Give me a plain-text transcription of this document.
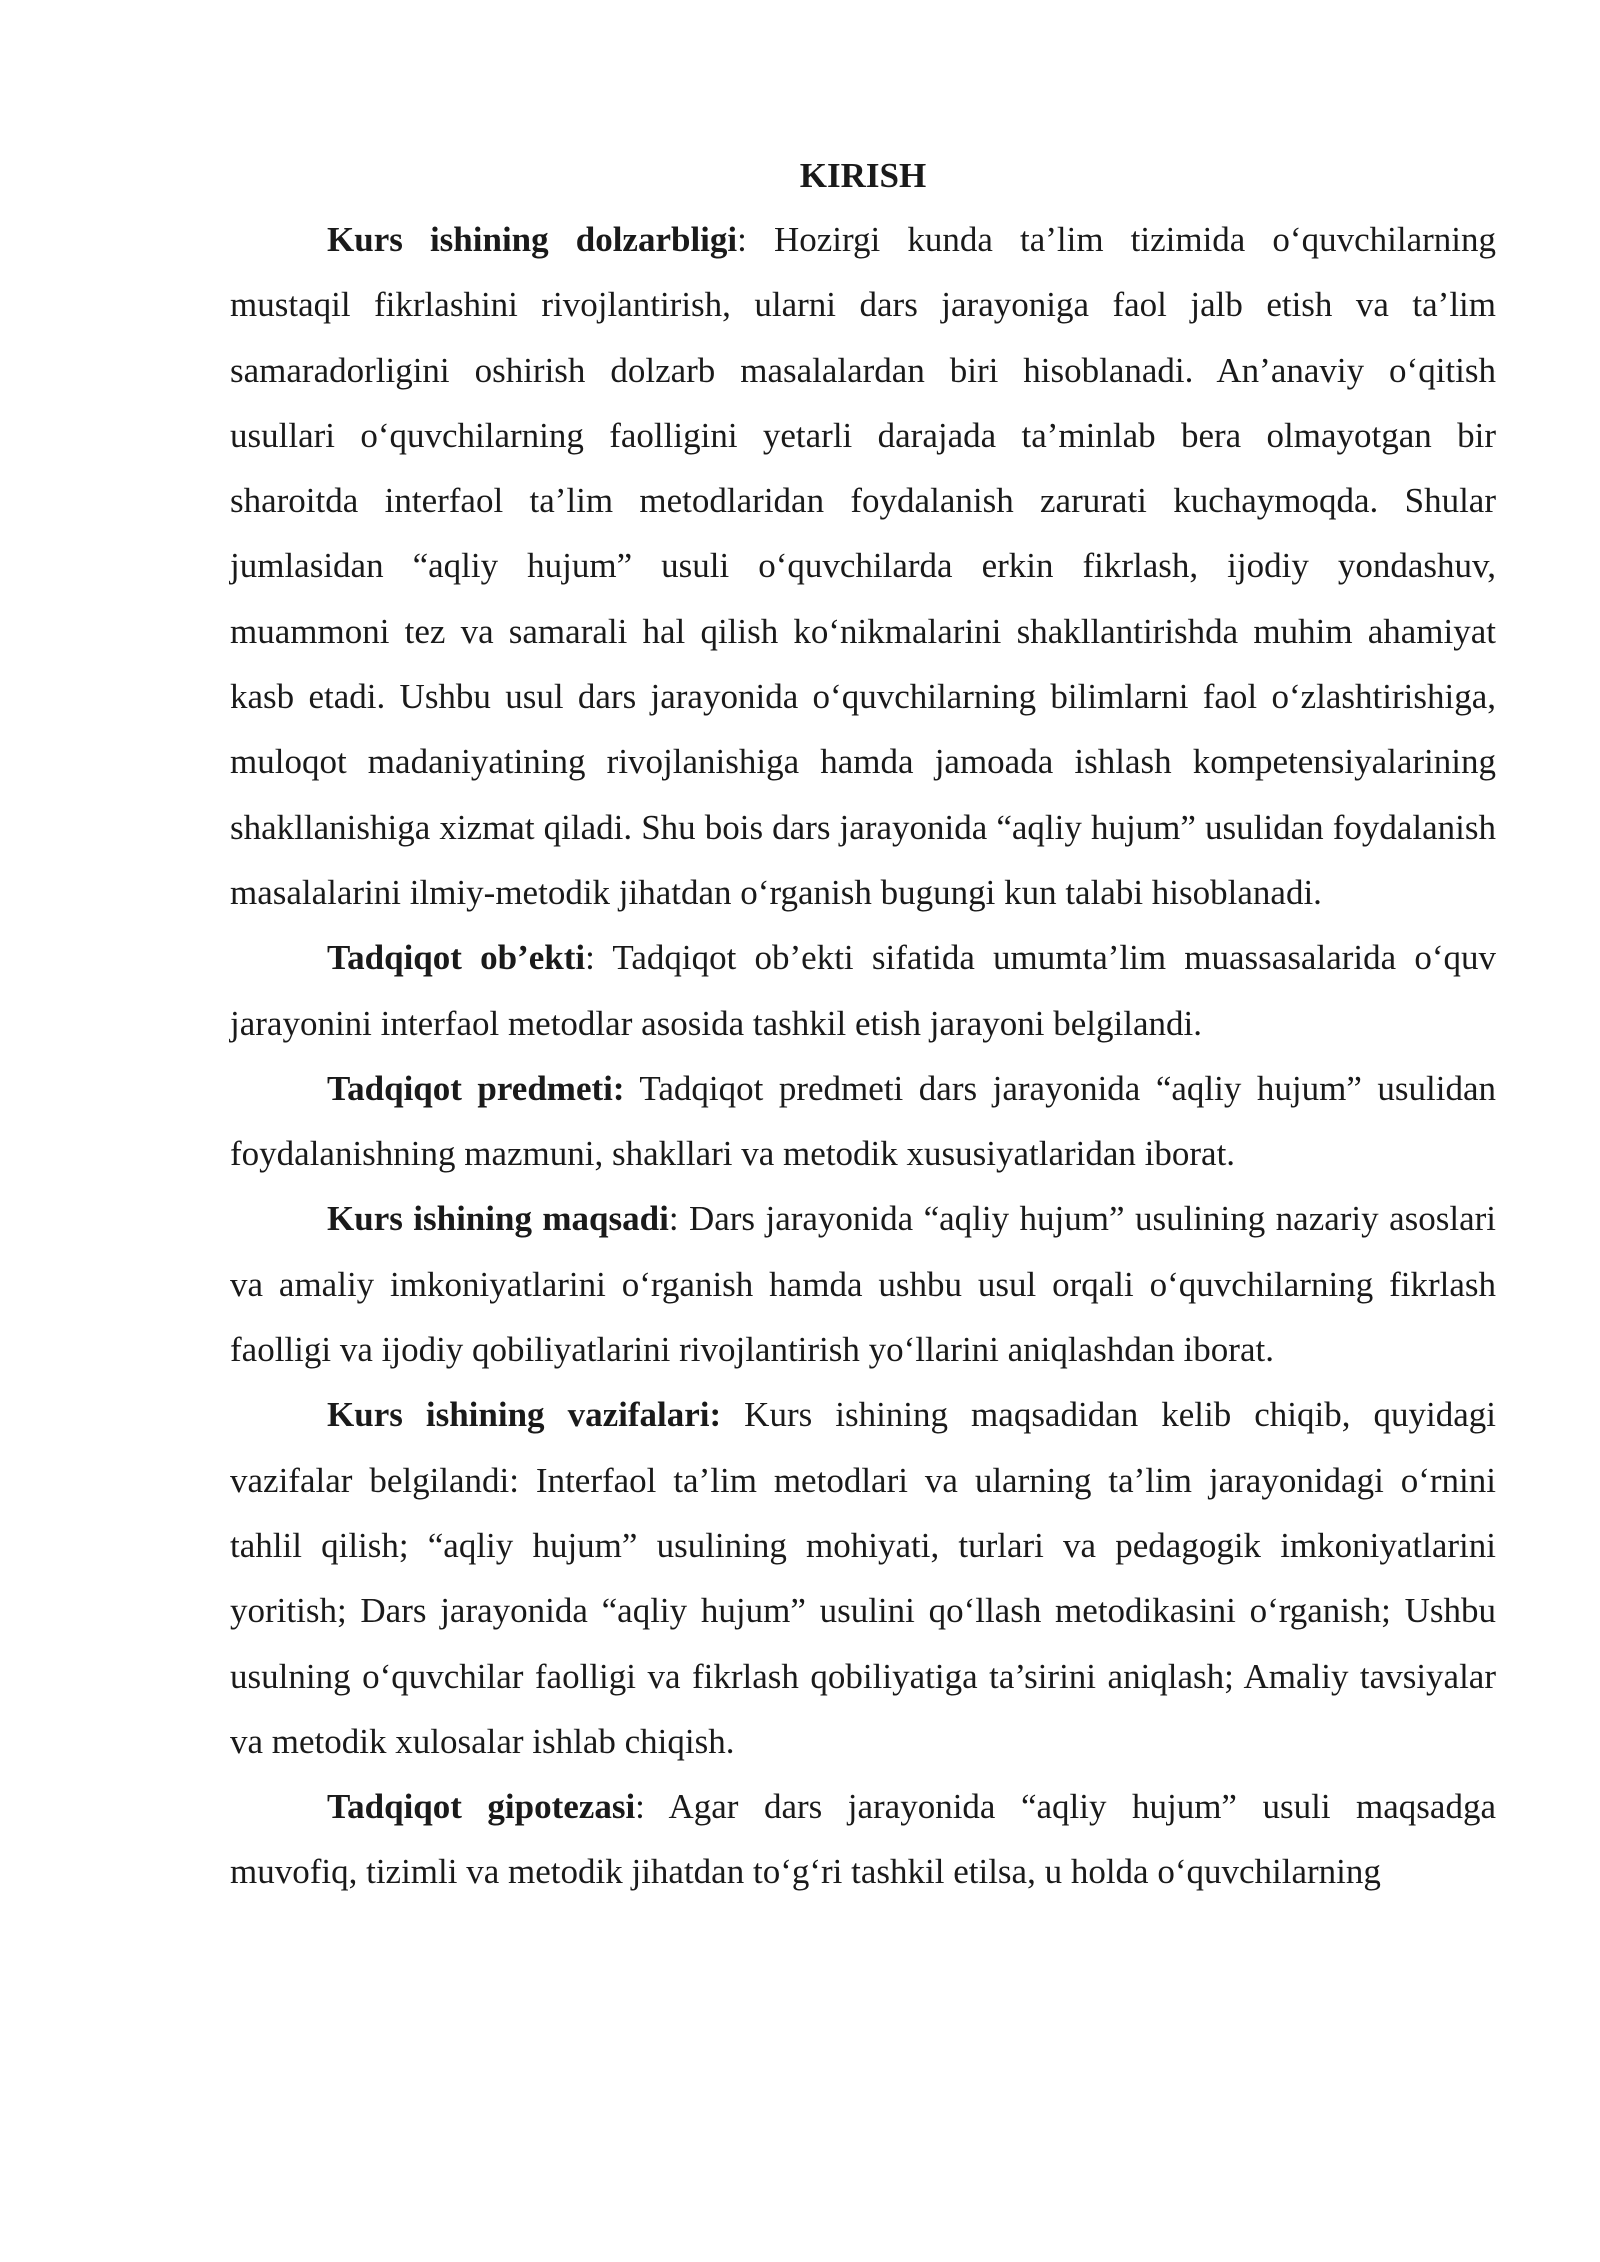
KIRISH

Kurs ishining dolzarbligi: Hozirgi kunda ta’lim tizimida o‘quvchilarning mustaqil fikrlashini rivojlantirish, ularni dars jarayoniga faol jalb etish va ta’lim samaradorligini oshirish dolzarb masalalardan biri hisoblanadi. An’anaviy o‘qitish usullari o‘quvchilarning faolligini yetarli darajada ta’minlab bera olmayotgan bir sharoitda interfaol ta’lim metodlaridan foydalanish zarurati kuchaymoqda. Shular jumlasidan “aqliy hujum” usuli o‘quvchilarda erkin fikrlash, ijodiy yondashuv, muammoni tez va samarali hal qilish ko‘nikmalarini shakllantirishda muhim ahamiyat kasb etadi. Ushbu usul dars jarayonida o‘quvchilarning bilimlarni faol o‘zlashtirishiga, muloqot madaniyatining rivojlanishiga hamda jamoada ishlash kompetensiyalarining shakllanishiga xizmat qiladi. Shu bois dars jarayonida “aqliy hujum” usulidan foydalanish masalalarini ilmiy-metodik jihatdan o‘rganish bugungi kun talabi hisoblanadi.

Tadqiqot ob’ekti: Tadqiqot ob’ekti sifatida umumta’lim muassasalarida o‘quv jarayonini interfaol metodlar asosida tashkil etish jarayoni belgilandi.

Tadqiqot predmeti: Tadqiqot predmeti dars jarayonida “aqliy hujum” usulidan foydalanishning mazmuni, shakllari va metodik xususiyatlaridan iborat.

Kurs ishining maqsadi: Dars jarayonida “aqliy hujum” usulining nazariy asoslari va amaliy imkoniyatlarini o‘rganish hamda ushbu usul orqali o‘quvchilarning fikrlash faolligi va ijodiy qobiliyatlarini rivojlantirish yo‘llarini aniqlashdan iborat.

Kurs ishining vazifalari: Kurs ishining maqsadidan kelib chiqib, quyidagi vazifalar belgilandi: Interfaol ta’lim metodlari va ularning ta’lim jarayonidagi o‘rnini tahlil qilish; “aqliy hujum” usulining mohiyati, turlari va pedagogik imkoniyatlarini yoritish; Dars jarayonida “aqliy hujum” usulini qo‘llash metodikasini o‘rganish; Ushbu usulning o‘quvchilar faolligi va fikrlash qobiliyatiga ta’sirini aniqlash; Amaliy tavsiyalar va metodik xulosalar ishlab chiqish.

Tadqiqot gipotezasi: Agar dars jarayonida “aqliy hujum” usuli maqsadga muvofiq, tizimli va metodik jihatdan to‘g‘ri tashkil etilsa, u holda o‘quvchilarning
